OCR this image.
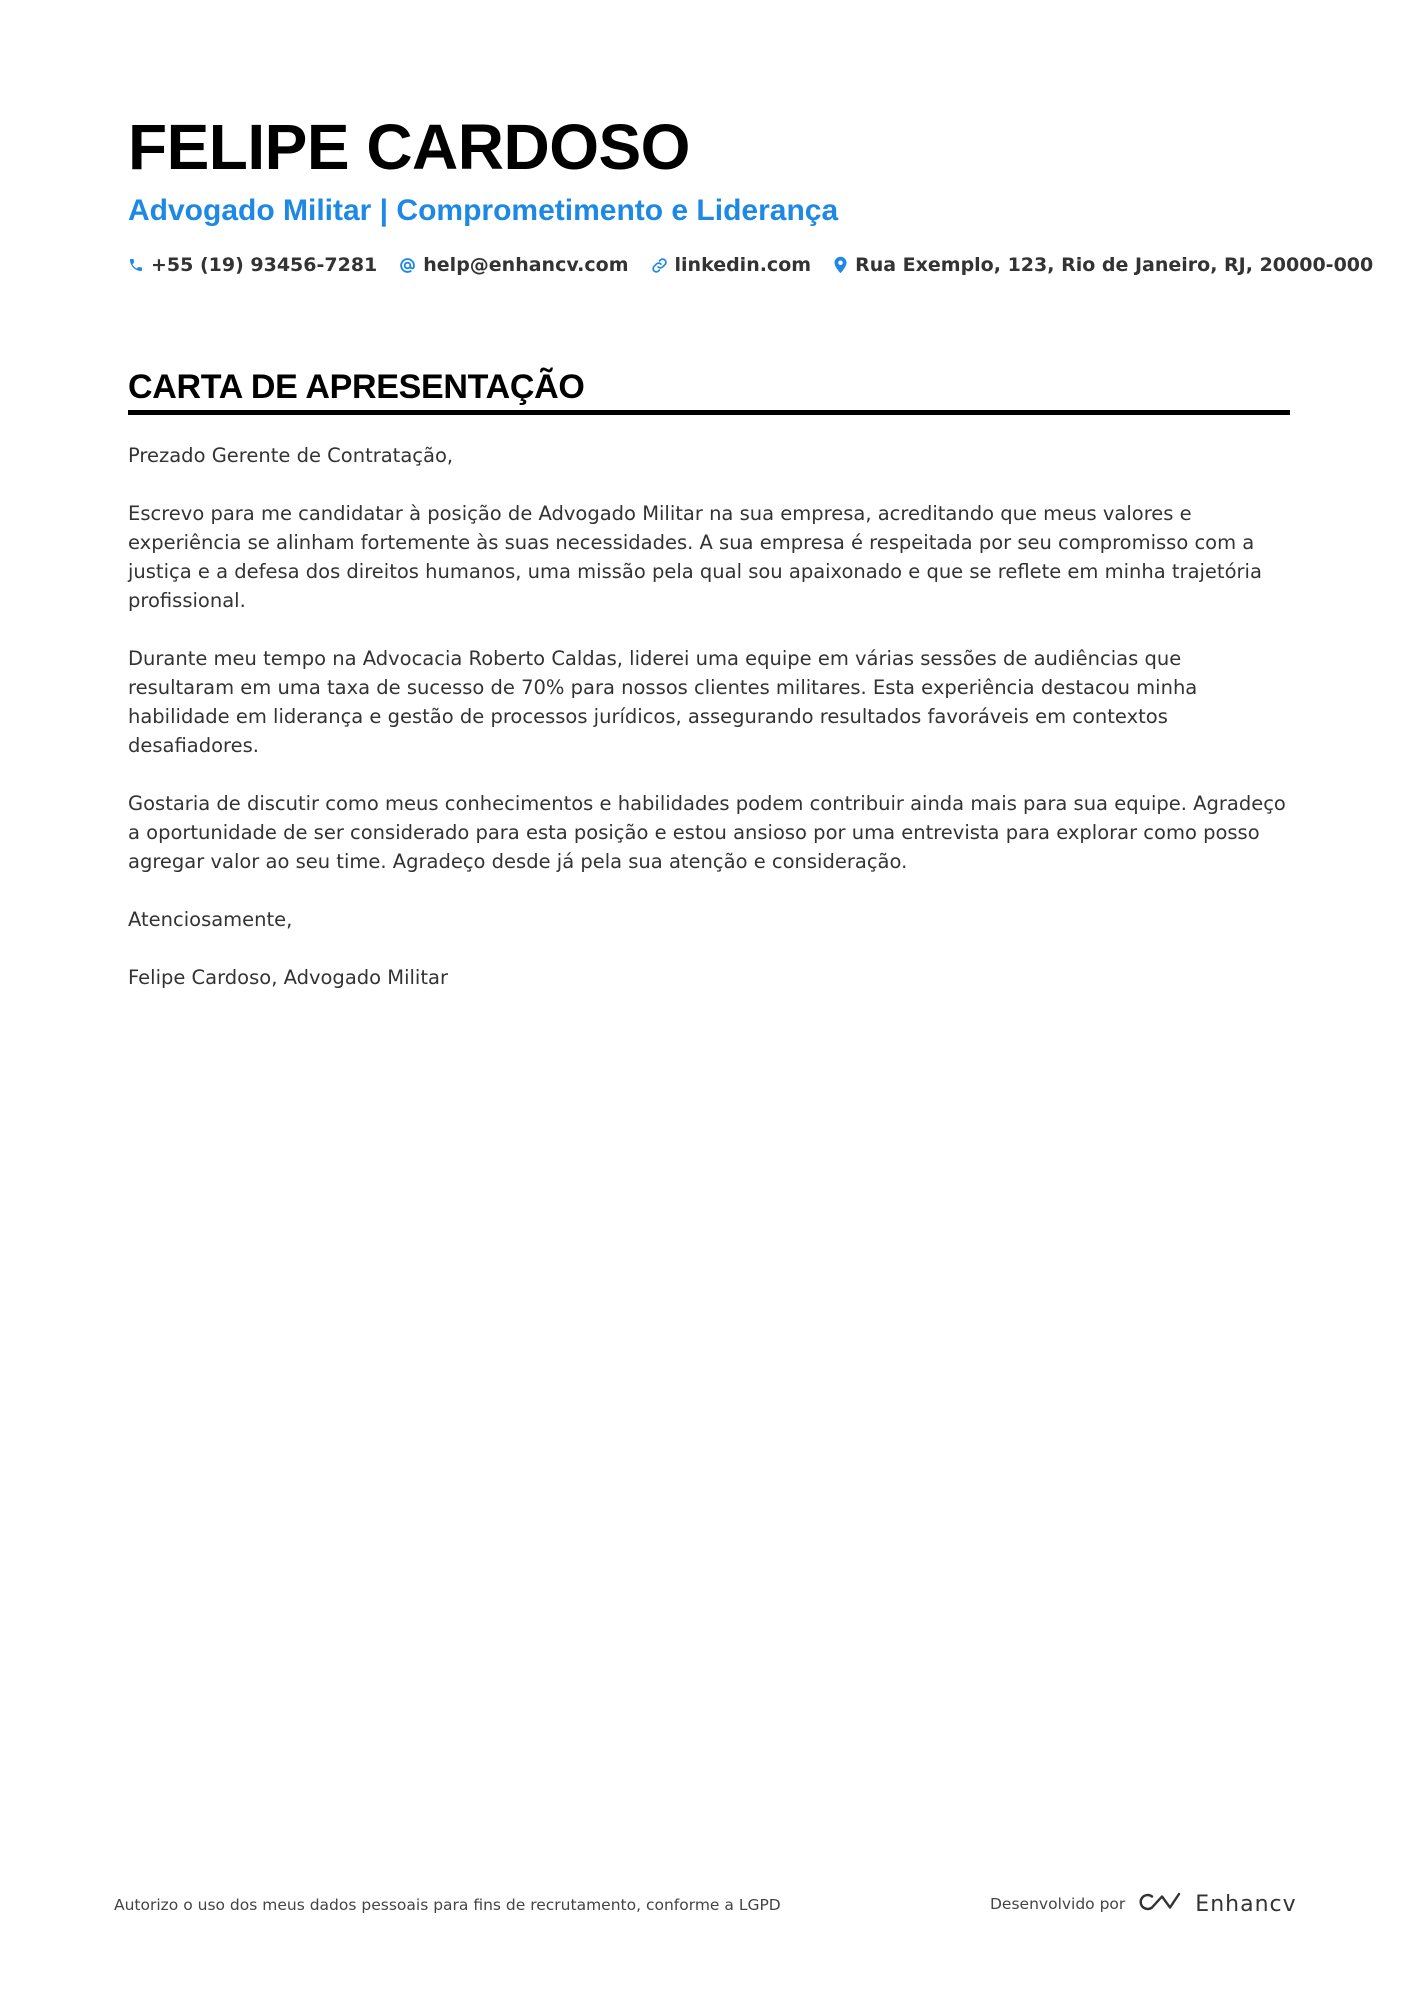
FELIPE CARDOSO
Advogado Militar | Comprometimento e Liderança
+55 (19) 93456-7281 help@enhancv.com linkedin.com Rua Exemplo, 123, Rio de Janeiro, RJ, 20000-000
CARTA DE APRESENTAÇÃO

Prezado Gerente de Contratação,

Escrevo para me candidatar à posição de Advogado Militar na sua empresa, acreditando que meus valores e experiência se alinham fortemente às suas necessidades. A sua empresa é respeitada por seu compromisso com a justiça e a defesa dos direitos humanos, uma missão pela qual sou apaixonado e que se reflete em minha trajetória profissional.

Durante meu tempo na Advocacia Roberto Caldas, liderei uma equipe em várias sessões de audiências que resultaram em uma taxa de sucesso de 70% para nossos clientes militares. Esta experiência destacou minha habilidade em liderança e gestão de processos jurídicos, assegurando resultados favoráveis em contextos desafiadores.

Gostaria de discutir como meus conhecimentos e habilidades podem contribuir ainda mais para sua equipe. Agradeço a oportunidade de ser considerado para esta posição e estou ansioso por uma entrevista para explorar como posso agregar valor ao seu time. Agradeço desde já pela sua atenção e consideração.

Atenciosamente,

Felipe Cardoso, Advogado Militar

Autorizo o uso dos meus dados pessoais para fins de recrutamento, conforme a LGPD	Desenvolvido por	Enhancv
